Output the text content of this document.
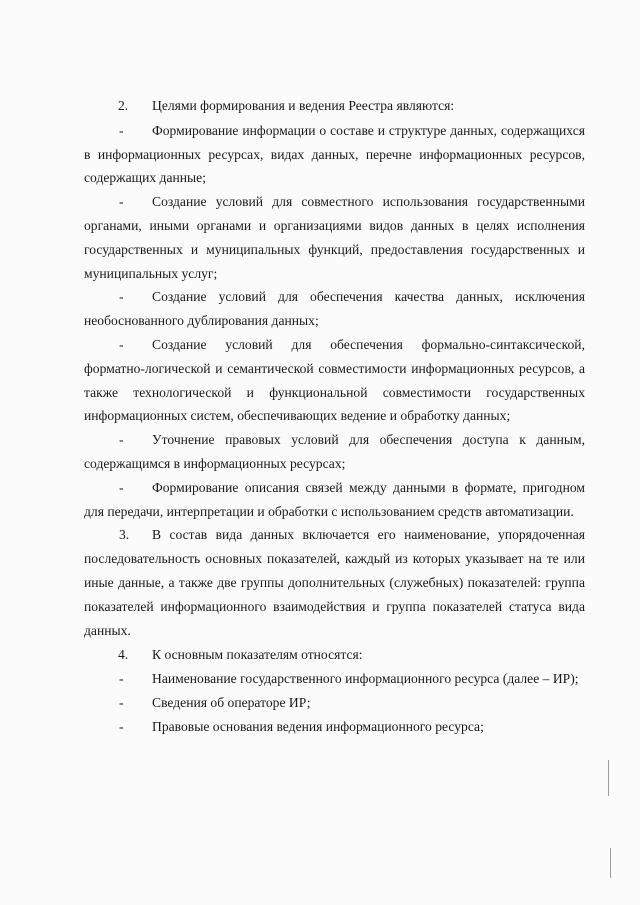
2. Целями формирования и ведения Реестра являются:

- Формирование информации о составе и структуре данных, содержащихся в информационных ресурсах, видах данных, перечне информационных ресурсов, содержащих данные;

- Создание условий для совместного использования государственными органами, иными органами и организациями видов данных в целях исполнения государственных и муниципальных функций, предоставления государственных и муниципальных услуг;

- Создание условий для обеспечения качества данных, исключения необоснованного дублирования данных;

- Создание условий для обеспечения формально-синтаксической, форматно-логической и семантической совместимости информационных ресурсов, а также технологической и функциональной совместимости государственных информационных систем, обеспечивающих ведение и обработку данных;

- Уточнение правовых условий для обеспечения доступа к данным, содержащимся в информационных ресурсах;

- Формирование описания связей между данными в формате, пригодном для передачи, интерпретации и обработки с использованием средств автоматизации.

3. В состав вида данных включается его наименование, упорядоченная последовательность основных показателей, каждый из которых указывает на те или иные данные, а также две группы дополнительных (служебных) показателей: группа показателей информационного взаимодействия и группа показателей статуса вида данных.

4. К основным показателям относятся:

- Наименование государственного информационного ресурса (далее – ИР);

- Сведения об операторе ИР;

- Правовые основания ведения информационного ресурса;
